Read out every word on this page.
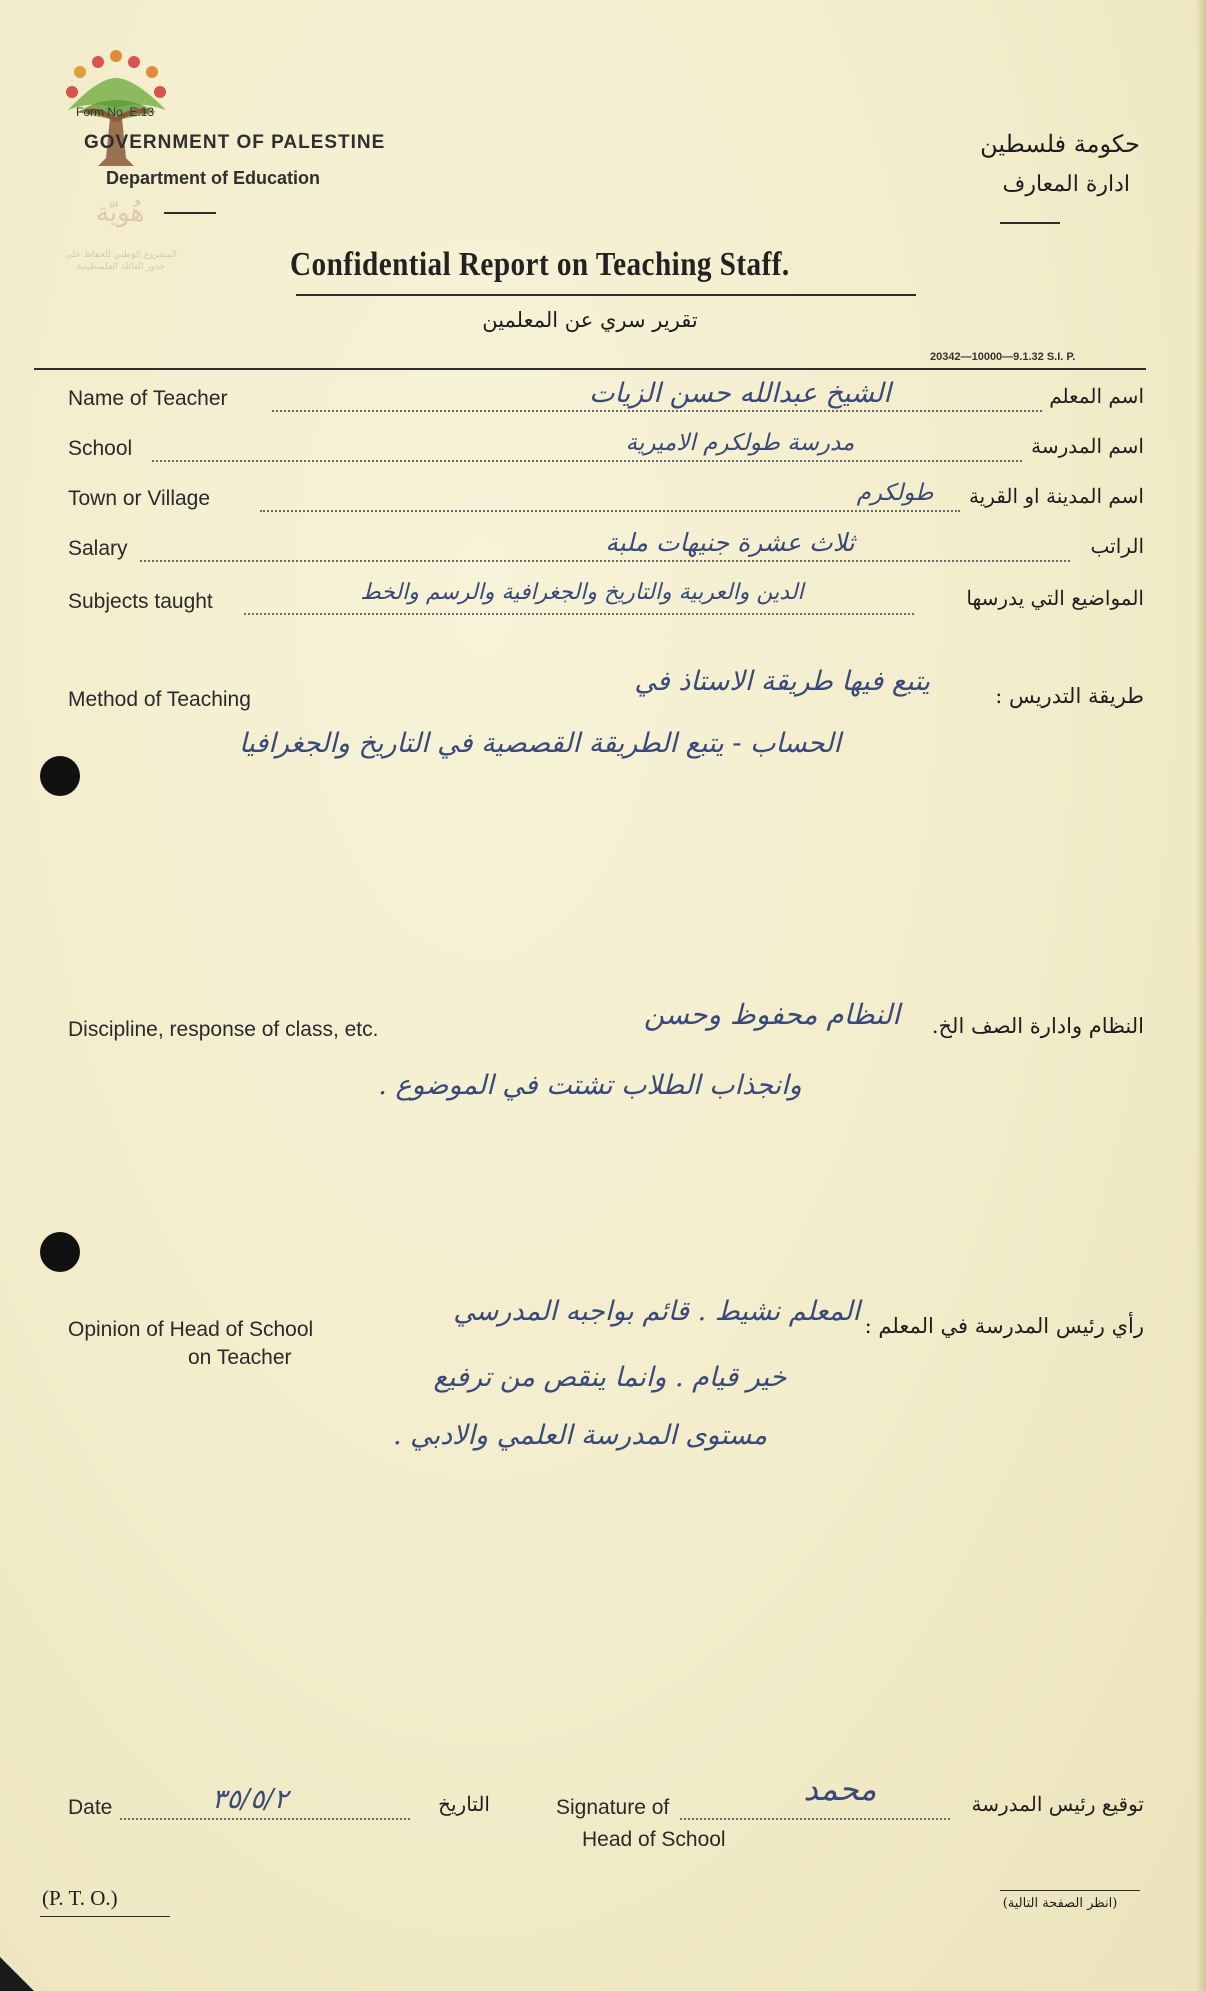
Form No. E.13
هُويّة
المشروع الوطني للحفاظ على
جذور العائلة الفلسطينية
GOVERNMENT OF PALESTINE
Department of Education
حكومة فلسطين
ادارة المعارف
Confidential Report on Teaching Staff.
تقرير سري عن المعلمين
20342—10000—9.1.32 S.I. P.
Name of Teacher	الشيخ عبدالله حسن الزيات	اسم المعلم
School	مدرسة طولكرم الاميرية	اسم المدرسة
Town or Village	طولكرم	اسم المدينة او القرية
Salary	ثلاث عشرة جنيهات ملبة	الراتب
Subjects taught	الدين والعربية والتاريخ والجغرافية والرسم والخط	المواضيع التي يدرسها
Method of Teaching	طريقة التدريس :
يتبع فيها طريقة الاستاذ في
الحساب - يتبع الطريقة القصصية في التاريخ والجغرافيا
Discipline, response of class, etc.	النظام وادارة الصف الخ.
النظام محفوظ وحسن
وانجذاب الطلاب تشتت في الموضوع .
Opinion of Head of School
on Teacher
رأي رئيس المدرسة في المعلم :
المعلم نشيط . قائم بواجبه المدرسي
خير قيام . وانما ينقص من ترفيع
مستوى المدرسة العلمي والادبي .
Date	٣٥/٥/٢	التاريخ	Signature of	محمد	توقيع رئيس المدرسة
Head of School
(P. T. O.)	(انظر الصفحة التالية)
